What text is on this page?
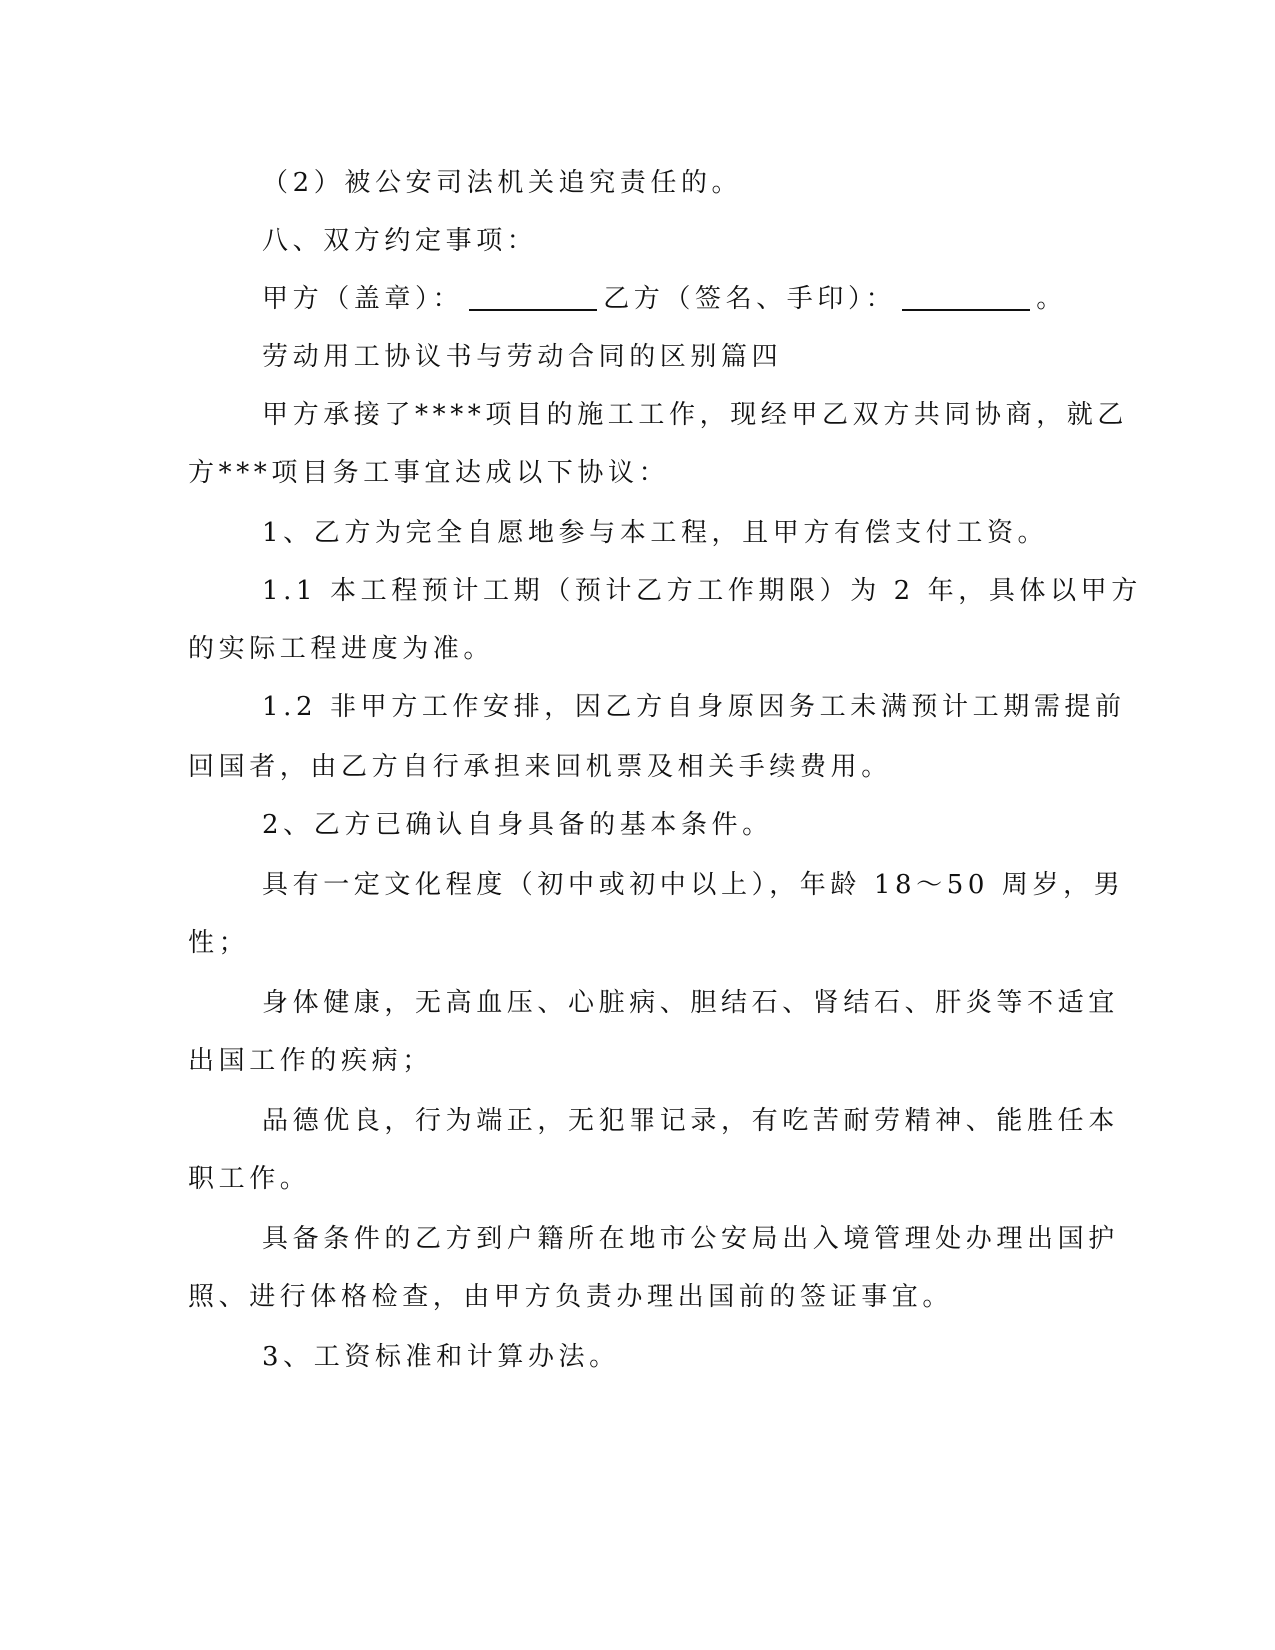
（2）被公安司法机关追究责任的。
八、双方约定事项：
甲方（盖章）：	乙方（签名、手印）：	。
劳动用工协议书与劳动合同的区别篇四
甲方承接了****项目的施工工作，现经甲乙双方共同协商，就乙
方***项目务工事宜达成以下协议：
1、乙方为完全自愿地参与本工程，且甲方有偿支付工资。
1.1 本工程预计工期（预计乙方工作期限）为 2 年，具体以甲方
的实际工程进度为准。
1.2 非甲方工作安排，因乙方自身原因务工未满预计工期需提前
回国者，由乙方自行承担来回机票及相关手续费用。
2、乙方已确认自身具备的基本条件。
具有一定文化程度（初中或初中以上），年龄 18～50 周岁，男
性；
身体健康，无高血压、心脏病、胆结石、肾结石、肝炎等不适宜
出国工作的疾病；
品德优良，行为端正，无犯罪记录，有吃苦耐劳精神、能胜任本
职工作。
具备条件的乙方到户籍所在地市公安局出入境管理处办理出国护
照、进行体格检查，由甲方负责办理出国前的签证事宜。
3、工资标准和计算办法。
